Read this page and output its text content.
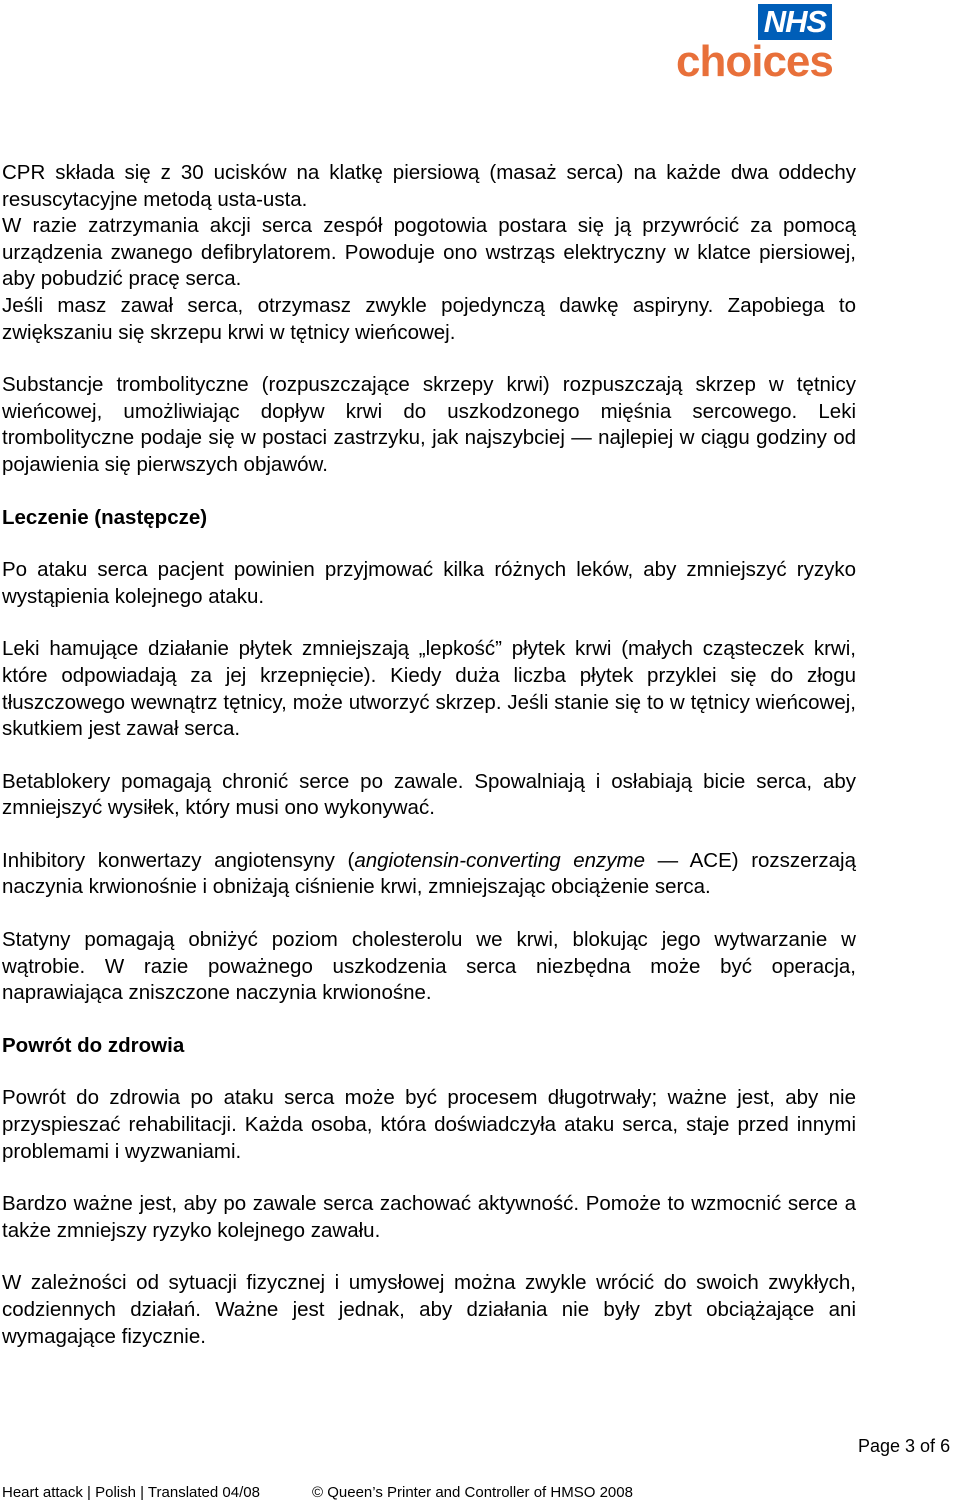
NHS
choices

CPR składa się z 30 ucisków na klatkę piersiową (masaż serca) na każde dwa oddechy resuscytacyjne metodą usta-usta.

W razie zatrzymania akcji serca zespół pogotowia postara się ją przywrócić za pomocą urządzenia zwanego defibrylatorem. Powoduje ono wstrząs elektryczny w klatce piersiowej, aby pobudzić pracę serca.

Jeśli masz zawał serca, otrzymasz zwykle pojedynczą dawkę aspiryny. Zapobiega to zwiększaniu się skrzepu krwi w tętnicy wieńcowej.

Substancje trombolityczne (rozpuszczające skrzepy krwi) rozpuszczają skrzep w tętnicy wieńcowej, umożliwiając dopływ krwi do uszkodzonego mięśnia sercowego. Leki trombolityczne podaje się w postaci zastrzyku, jak najszybciej — najlepiej w ciągu godziny od pojawienia się pierwszych objawów.

Leczenie (następcze)

Po ataku serca pacjent powinien przyjmować kilka różnych leków, aby zmniejszyć ryzyko wystąpienia kolejnego ataku.

Leki hamujące działanie płytek zmniejszają „lepkość” płytek krwi (małych cząsteczek krwi, które odpowiadają za jej krzepnięcie). Kiedy duża liczba płytek przyklei się do złogu tłuszczowego wewnątrz tętnicy, może utworzyć skrzep. Jeśli stanie się to w tętnicy wieńcowej, skutkiem jest zawał serca.

Betablokery pomagają chronić serce po zawale. Spowalniają i osłabiają bicie serca, aby zmniejszyć wysiłek, który musi ono wykonywać.

Inhibitory konwertazy angiotensyny (angiotensin-converting enzyme — ACE) rozszerzają naczynia krwionośnie i obniżają ciśnienie krwi, zmniejszając obciążenie serca.

Statyny pomagają obniżyć poziom cholesterolu we krwi, blokując jego wytwarzanie w wątrobie. W razie poważnego uszkodzenia serca niezbędna może być operacja, naprawiająca zniszczone naczynia krwionośne.

Powrót do zdrowia

Powrót do zdrowia po ataku serca może być procesem długotrwały; ważne jest, aby nie przyspieszać rehabilitacji. Każda osoba, która doświadczyła ataku serca, staje przed innymi problemami i wyzwaniami.

Bardzo ważne jest, aby po zawale serca zachować aktywność. Pomoże to wzmocnić serce a także zmniejszy ryzyko kolejnego zawału.

W zależności od sytuacji fizycznej i umysłowej można zwykle wrócić do swoich zwykłych, codziennych działań. Ważne jest jednak, aby działania nie były zbyt obciążające ani wymagające fizycznie.

Page 3 of 6
Heart attack | Polish | Translated 04/08	© Queen’s Printer and Controller of HMSO 2008
